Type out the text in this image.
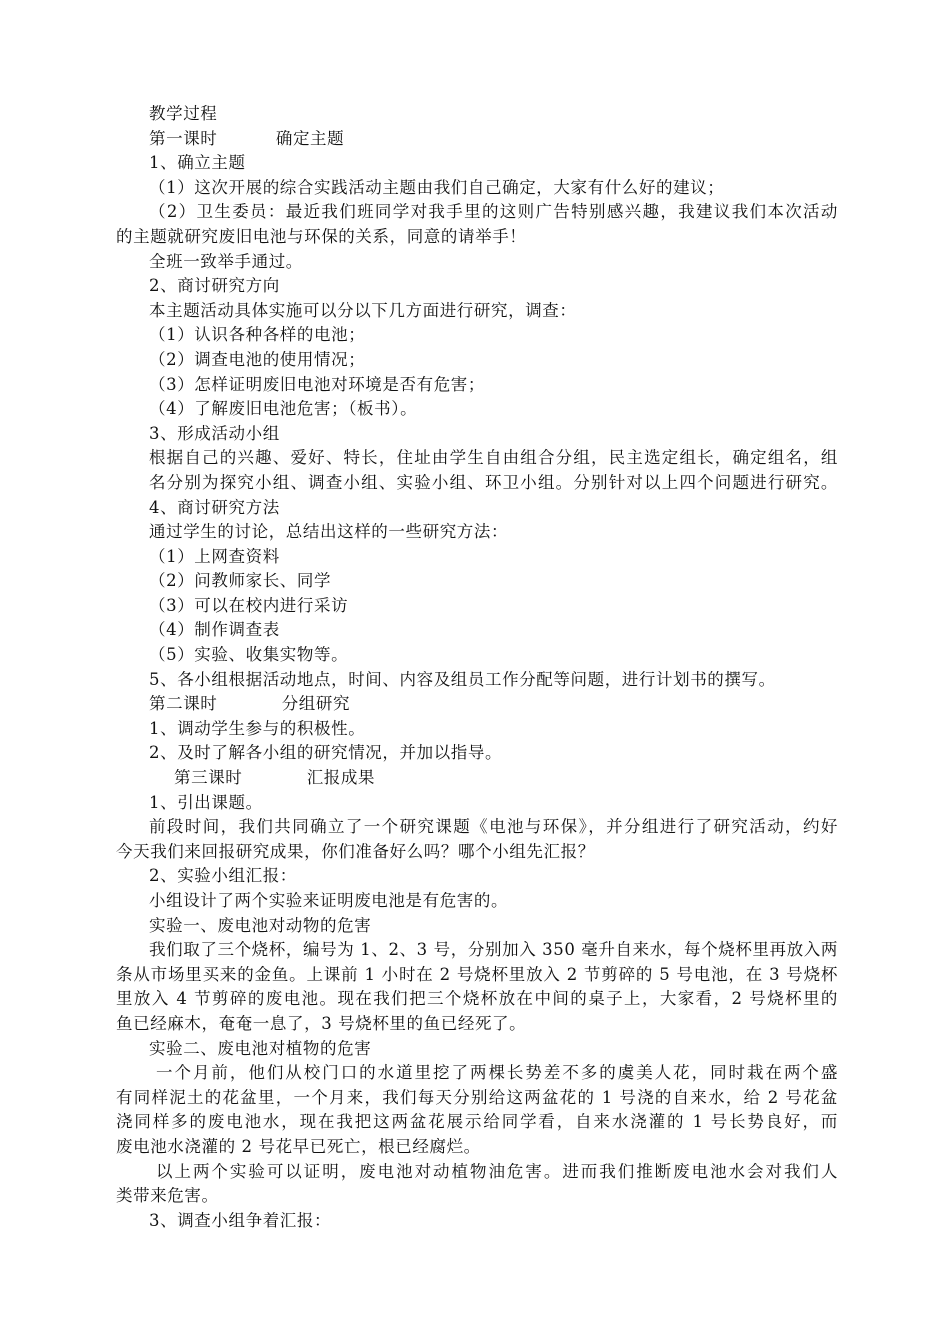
教学过程
第一课时          确定主题
1、确立主题
（1）这次开展的综合实践活动主题由我们自己确定，大家有什么好的建议；
（2）卫生委员：最近我们班同学对我手里的这则广告特别感兴趣，我建议我们本次活动
的主题就研究废旧电池与环保的关系，同意的请举手！
全班一致举手通过。
2、商讨研究方向
本主题活动具体实施可以分以下几方面进行研究，调查：
（1）认识各种各样的电池；
（2）调查电池的使用情况；
（3）怎样证明废旧电池对环境是否有危害；
（4）了解废旧电池危害；（板书）。
3、形成活动小组
根据自己的兴趣、爱好、特长，住址由学生自由组合分组，民主选定组长，确定组名，组
名分别为探究小组、调查小组、实验小组、环卫小组。分别针对以上四个问题进行研究。
4、商讨研究方法
通过学生的讨论，总结出这样的一些研究方法：
（1）上网查资料
（2）问教师家长、同学
（3）可以在校内进行采访
（4）制作调查表
（5）实验、收集实物等。
5、各小组根据活动地点，时间、内容及组员工作分配等问题，进行计划书的撰写。
第二课时           分组研究
1、调动学生参与的积极性。
2、及时了解各小组的研究情况，并加以指导。
第三课时           汇报成果
1、引出课题。
前段时间，我们共同确立了一个研究课题《电池与环保》，并分组进行了研究活动，约好
今天我们来回报研究成果，你们准备好么吗？哪个小组先汇报？
2、实验小组汇报：
小组设计了两个实验来证明废电池是有危害的。
实验一、废电池对动物的危害
我们取了三个烧杯，编号为 1、2、3 号，分别加入 350 毫升自来水，每个烧杯里再放入两
条从市场里买来的金鱼。上课前 1 小时在 2 号烧杯里放入 2 节剪碎的 5 号电池，在 3 号烧杯
里放入 4 节剪碎的废电池。现在我们把三个烧杯放在中间的桌子上，大家看，2 号烧杯里的
鱼已经麻木，奄奄一息了，3 号烧杯里的鱼已经死了。
实验二、废电池对植物的危害
一个月前，他们从校门口的水道里挖了两棵长势差不多的虞美人花，同时栽在两个盛
有同样泥土的花盆里，一个月来，我们每天分别给这两盆花的 1 号浇的自来水，给 2 号花盆
浇同样多的废电池水，现在我把这两盆花展示给同学看，自来水浇灌的 1 号长势良好，而
废电池水浇灌的 2 号花早已死亡，根已经腐烂。
以上两个实验可以证明，废电池对动植物油危害。进而我们推断废电池水会对我们人
类带来危害。
3、调查小组争着汇报：
